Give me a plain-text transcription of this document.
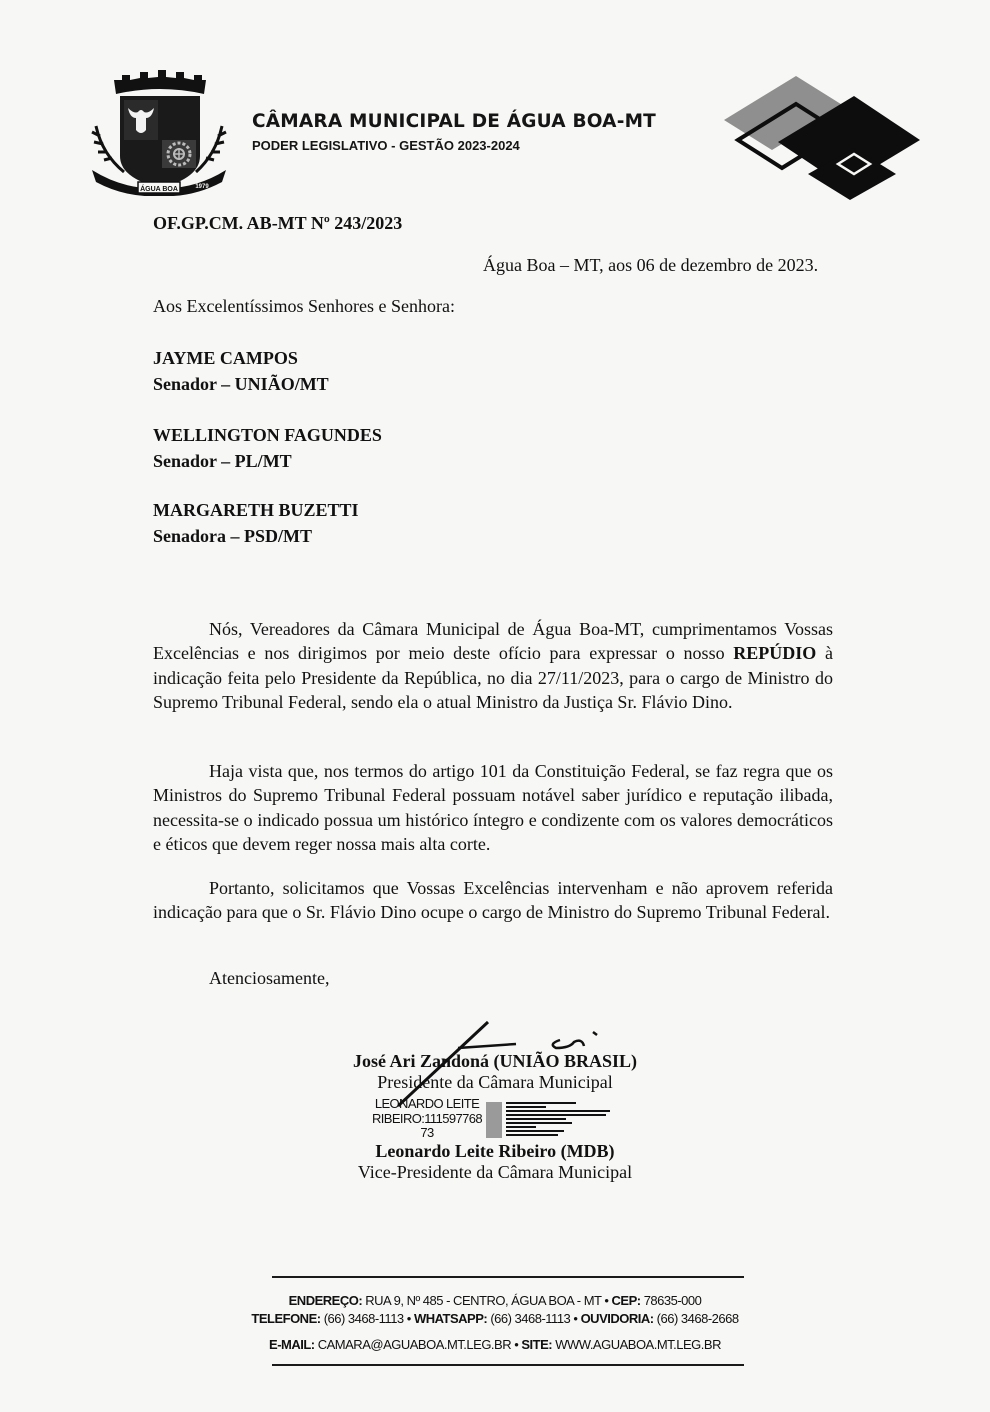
ÁGUA BOA	1979
CÂMARA MUNICIPAL DE ÁGUA BOA-MT
PODER LEGISLATIVO - GESTÃO 2023-2024
OF.GP.CM. AB-MT Nº 243/2023
Água Boa – MT, aos 06 de dezembro de 2023.
Aos Excelentíssimos Senhores e Senhora:
JAYME CAMPOS
Senador – UNIÃO/MT
WELLINGTON FAGUNDES
Senador – PL/MT
MARGARETH BUZETTI
Senadora – PSD/MT
Nós, Vereadores da Câmara Municipal de Água Boa-MT, cumprimentamos Vossas Excelências e nos dirigimos por meio deste ofício para expressar o nosso REPÚDIO à indicação feita pelo Presidente da República, no dia 27/11/2023, para o cargo de Ministro do Supremo Tribunal Federal, sendo ela o atual Ministro da Justiça Sr. Flávio Dino.
Haja vista que, nos termos do artigo 101 da Constituição Federal, se faz regra que os Ministros do Supremo Tribunal Federal possuam notável saber jurídico e reputação ilibada, necessita-se o indicado possua um histórico íntegro e condizente com os valores democráticos e éticos que devem reger nossa mais alta corte.
Portanto, solicitamos que Vossas Excelências intervenham e não aprovem referida indicação para que o Sr. Flávio Dino ocupe o cargo de Ministro do Supremo Tribunal Federal.
Atenciosamente,
José Ari Zandoná (UNIÃO BRASIL)
Presidente da Câmara Municipal
LEONARDO LEITE
RIBEIRO:111597768
73
Leonardo Leite Ribeiro (MDB)
Vice-Presidente da Câmara Municipal
ENDEREÇO: RUA 9, Nº 485 - CENTRO, ÁGUA BOA - MT • CEP: 78635-000
TELEFONE: (66) 3468-1113 • WHATSAPP: (66) 3468-1113 • OUVIDORIA: (66) 3468-2668
E-MAIL: CAMARA@AGUABOA.MT.LEG.BR • SITE: WWW.AGUABOA.MT.LEG.BR
